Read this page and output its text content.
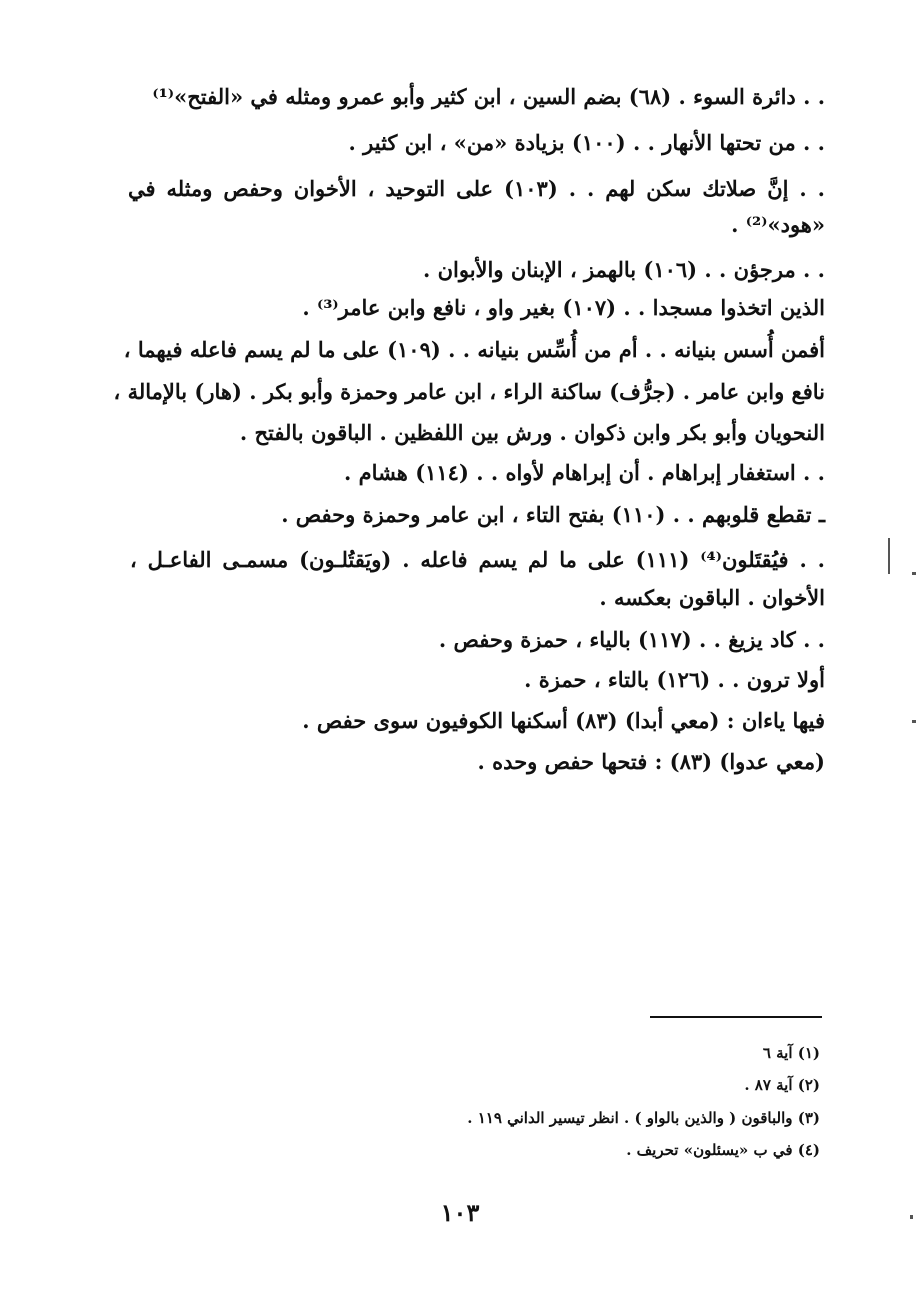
. . دائرة السوء . (٦٨) بضم السين ، ابن كثير وأبو عمرو ومثله في «الفتح»⁽¹⁾
. . من تحتها الأنهار . . (١٠٠) بزيادة «من» ، ابن كثير .
. . إنَّ صلاتك سكن لهم . . (١٠٣) على التوحيد ، الأخوان وحفص ومثله في
«هود»⁽²⁾ .
. . مرجؤن . . (١٠٦) بالهمز ، الإبنان والأبوان .
الذين اتخذوا مسجدا . . (١٠٧) بغير واو ، نافع وابن عامر⁽³⁾ .
أفمن أُسس بنيانه . . أم من أُسِّس بنيانه . . (١٠٩) على ما لم يسم فاعله فيهما ،
نافع وابن عامر . (جرُّف) ساكنة الراء ، ابن عامر وحمزة وأبو بكر . (هار) بالإمالة ،
النحويان وأبو بكر وابن ذكوان . ورش بين اللفظين . الباقون بالفتح .
. . استغفار إبراهام . أن إبراهام لأواه . . (١١٤) هشام .
ـ تقطع قلوبهم . . (١١٠) بفتح التاء ، ابن عامر وحمزة وحفص .
. . فيُقتَلون⁽⁴⁾ (١١١) على ما لم يسم فاعله . (ويَقتُلـون) مسمـى الفاعـل ،
الأخوان . الباقون بعكسه .
. . كاد يزيغ . . (١١٧) بالياء ، حمزة وحفص .
أولا ترون . . (١٢٦) بالتاء ، حمزة .
فيها ياءان : (معي أبدا) (٨٣) أسكنها الكوفيون سوى حفص .
(معي عدوا) (٨٣) : فتحها حفص وحده .
(١) آية ٦
(٢) آية ٨٧ .
(٣) والباقون ( والذين بالواو ) . انظر تيسير الداني ١١٩ .
(٤) في ب «يسئلون» تحريف .
١٠٣
